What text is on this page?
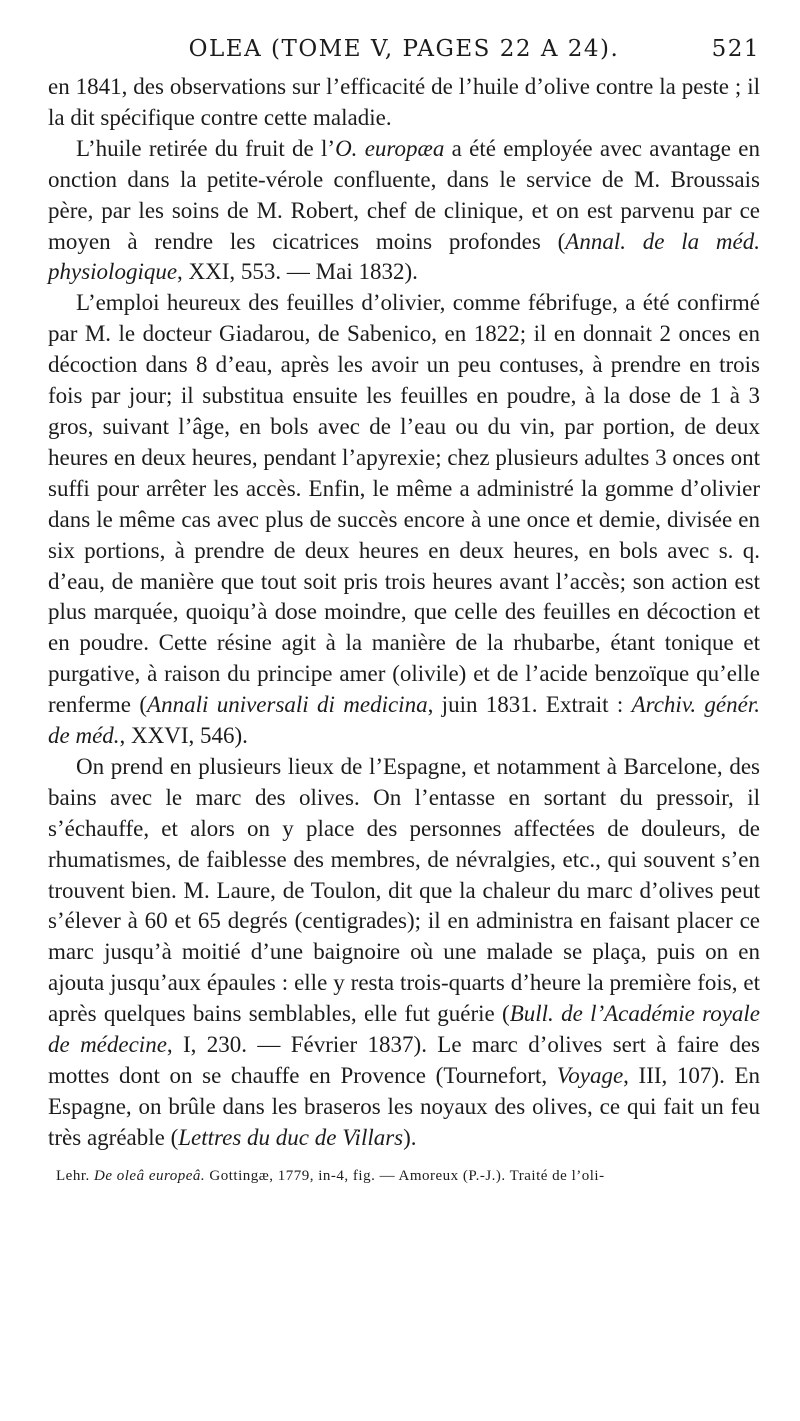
OLEA (TOME V, PAGES 22 A 24).	521

en 1841, des observations sur l’efficacité de l’huile d’olive contre la peste ; il la dit spécifique contre cette maladie.

L’huile retirée du fruit de l’O. europæa a été employée avec avantage en onction dans la petite-vérole confluente, dans le service de M. Broussais père, par les soins de M. Robert, chef de clinique, et on est parvenu par ce moyen à rendre les cicatrices moins profondes (Annal. de la méd. physiologique, XXI, 553. — Mai 1832).

L’emploi heureux des feuilles d’olivier, comme fébrifuge, a été confirmé par M. le docteur Giadarou, de Sabenico, en 1822; il en donnait 2 onces en décoction dans 8 d’eau, après les avoir un peu contuses, à prendre en trois fois par jour; il substitua ensuite les feuilles en poudre, à la dose de 1 à 3 gros, suivant l’âge, en bols avec de l’eau ou du vin, par portion, de deux heures en deux heures, pendant l’apyrexie; chez plusieurs adultes 3 onces ont suffi pour arrêter les accès. Enfin, le même a administré la gomme d’olivier dans le même cas avec plus de succès encore à une once et demie, divisée en six portions, à prendre de deux heures en deux heures, en bols avec s. q. d’eau, de manière que tout soit pris trois heures avant l’accès; son action est plus marquée, quoiqu’à dose moindre, que celle des feuilles en décoction et en poudre. Cette résine agit à la manière de la rhubarbe, étant tonique et purgative, à raison du principe amer (olivile) et de l’acide benzoïque qu’elle renferme (Annali universali di medicina, juin 1831. Extrait : Archiv. génér. de méd., XXVI, 546).

On prend en plusieurs lieux de l’Espagne, et notamment à Barcelone, des bains avec le marc des olives. On l’entasse en sortant du pressoir, il s’échauffe, et alors on y place des personnes affectées de douleurs, de rhumatismes, de faiblesse des membres, de névralgies, etc., qui souvent s’en trouvent bien. M. Laure, de Toulon, dit que la chaleur du marc d’olives peut s’élever à 60 et 65 degrés (centigrades); il en administra en faisant placer ce marc jusqu’à moitié d’une baignoire où une malade se plaça, puis on en ajouta jusqu’aux épaules : elle y resta trois-quarts d’heure la première fois, et après quelques bains semblables, elle fut guérie (Bull. de l’Académie royale de médecine, I, 230. — Février 1837). Le marc d’olives sert à faire des mottes dont on se chauffe en Provence (Tournefort, Voyage, III, 107). En Espagne, on brûle dans les braseros les noyaux des olives, ce qui fait un feu très agréable (Lettres du duc de Villars).

Lehr. De oleâ europeâ. Gottingæ, 1779, in-4, fig. — Amoreux (P.-J.). Traité de l’oli-
